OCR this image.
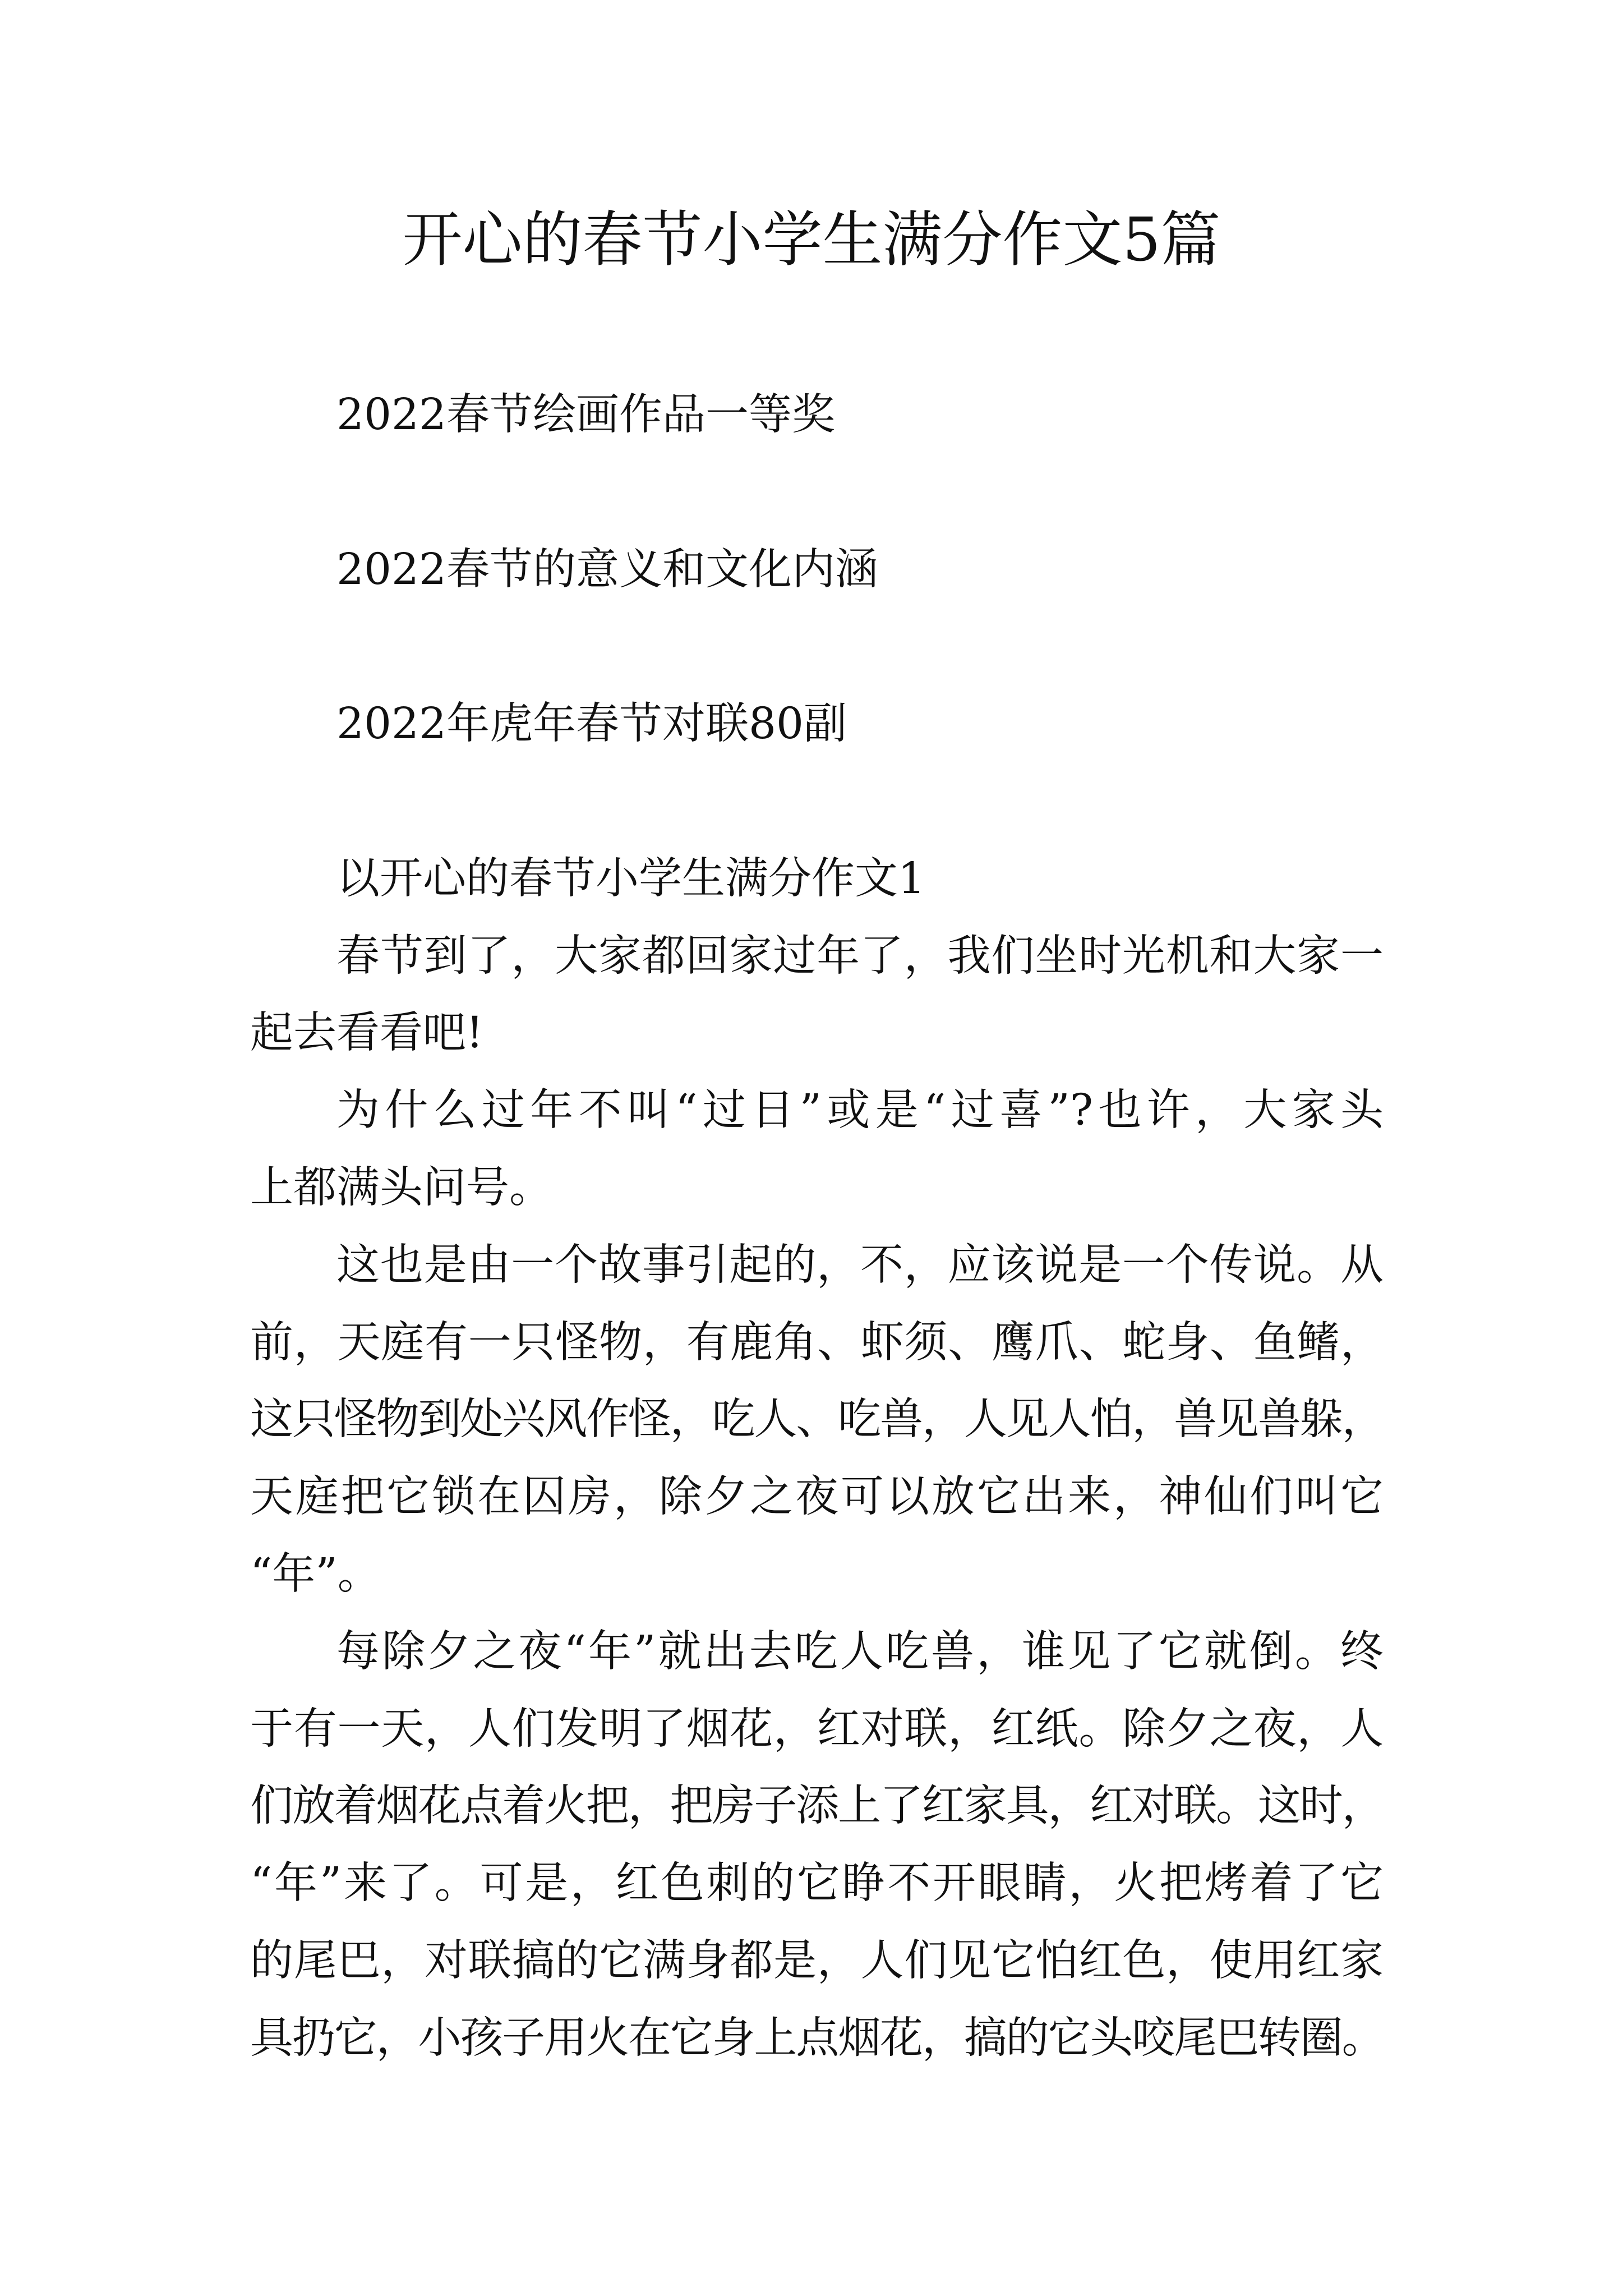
开心的春节小学生满分作文5篇
2022春节绘画作品一等奖
2022春节的意义和文化内涵
2022年虎年春节对联80副
以开心的春节小学生满分作文1
春节到了，大家都回家过年了，我们坐时光机和大家一
起去看看吧!
为什么过年不叫“过日”或是“过喜”?也许，大家头
上都满头问号。
这也是由一个故事引起的，不，应该说是一个传说。从
前，天庭有一只怪物，有鹿角、虾须、鹰爪、蛇身、鱼鳍，
这只怪物到处兴风作怪，吃人、吃兽，人见人怕，兽见兽躲，
天庭把它锁在囚房，除夕之夜可以放它出来，神仙们叫它
“年”。
每除夕之夜“年”就出去吃人吃兽，谁见了它就倒。终
于有一天，人们发明了烟花，红对联，红纸。除夕之夜，人
们放着烟花点着火把，把房子添上了红家具，红对联。这时，
“年”来了。可是，红色刺的它睁不开眼睛，火把烤着了它
的尾巴，对联搞的它满身都是，人们见它怕红色，使用红家
具扔它，小孩子用火在它身上点烟花，搞的它头咬尾巴转圈。
